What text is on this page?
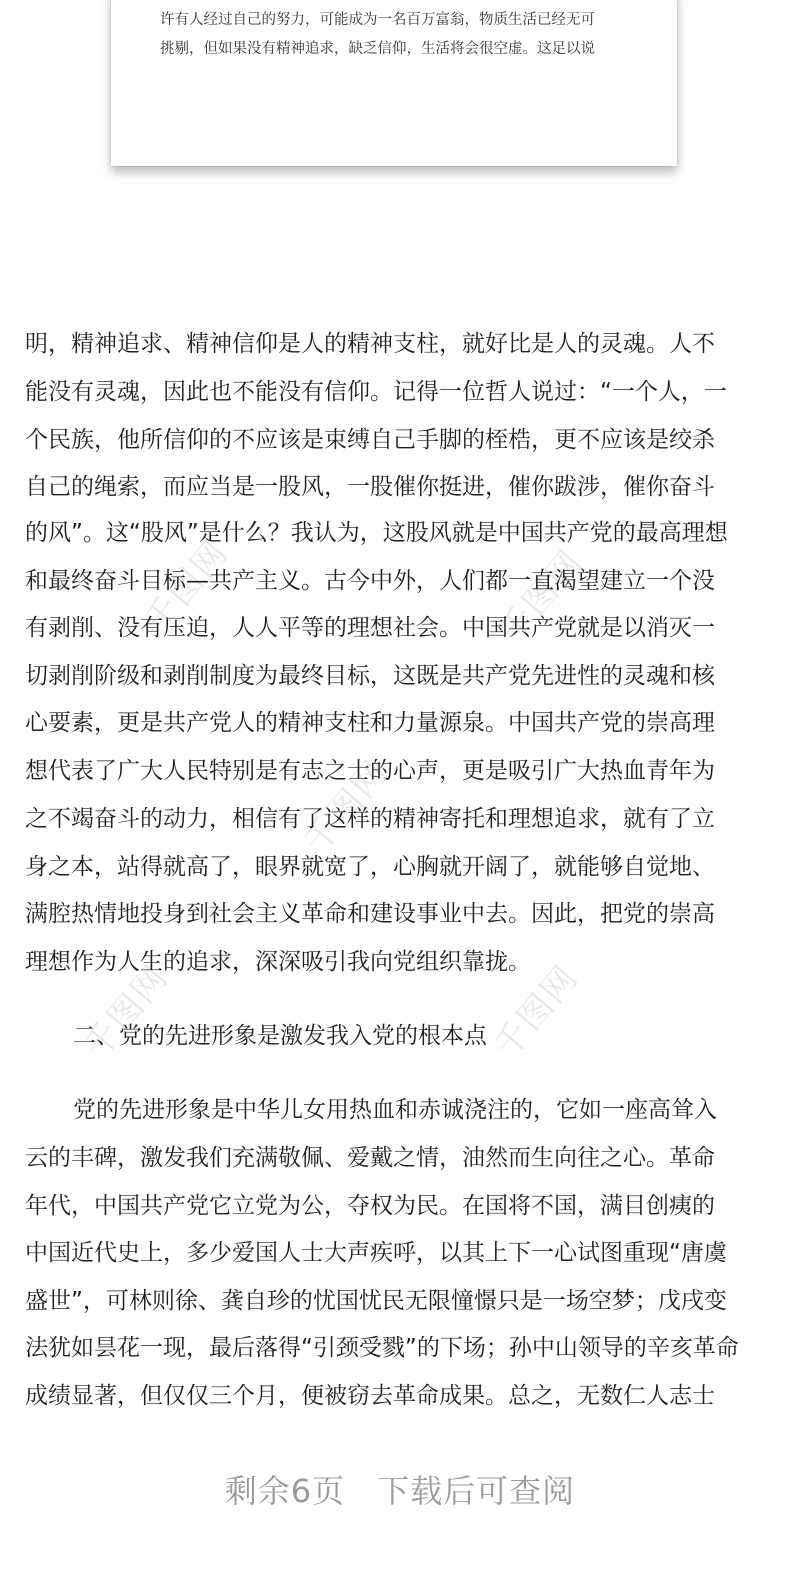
许有人经过自己的努力，可能成为一名百万富翁，物质生活已经无可
挑剔，但如果没有精神追求，缺乏信仰，生活将会很空虚。这足以说
千图网	千图网
千图网
千图网
千图网
明，精神追求、精神信仰是人的精神支柱，就好比是人的灵魂。人不
能没有灵魂，因此也不能没有信仰。记得一位哲人说过：“一个人，一
个民族，他所信仰的不应该是束缚自己手脚的桎梏，更不应该是绞杀
自己的绳索，而应当是一股风，一股催你挺进，催你跋涉，催你奋斗
的风”。这“股风”是什么？我认为，这股风就是中国共产党的最高理想
和最终奋斗目标—共产主义。古今中外，人们都一直渴望建立一个没
有剥削、没有压迫，人人平等的理想社会。中国共产党就是以消灭一
切剥削阶级和剥削制度为最终目标，这既是共产党先进性的灵魂和核
心要素，更是共产党人的精神支柱和力量源泉。中国共产党的崇高理
想代表了广大人民特别是有志之士的心声，更是吸引广大热血青年为
之不竭奋斗的动力，相信有了这样的精神寄托和理想追求，就有了立
身之本，站得就高了，眼界就宽了，心胸就开阔了，就能够自觉地、
满腔热情地投身到社会主义革命和建设事业中去。因此，把党的崇高
理想作为人生的追求，深深吸引我向党组织靠拢。
二、党的先进形象是激发我入党的根本点
党的先进形象是中华儿女用热血和赤诚浇注的，它如一座高耸入
云的丰碑，激发我们充满敬佩、爱戴之情，油然而生向往之心。革命
年代，中国共产党它立党为公，夺权为民。在国将不国，满目创痍的
中国近代史上，多少爱国人士大声疾呼，以其上下一心试图重现“唐虞
盛世”，可林则徐、龚自珍的忧国忧民无限憧憬只是一场空梦；戊戌变
法犹如昙花一现，最后落得“引颈受戮”的下场；孙中山领导的辛亥革命
成绩显著，但仅仅三个月，便被窃去革命成果。总之，无数仁人志士
剩余6页 下载后可查阅
